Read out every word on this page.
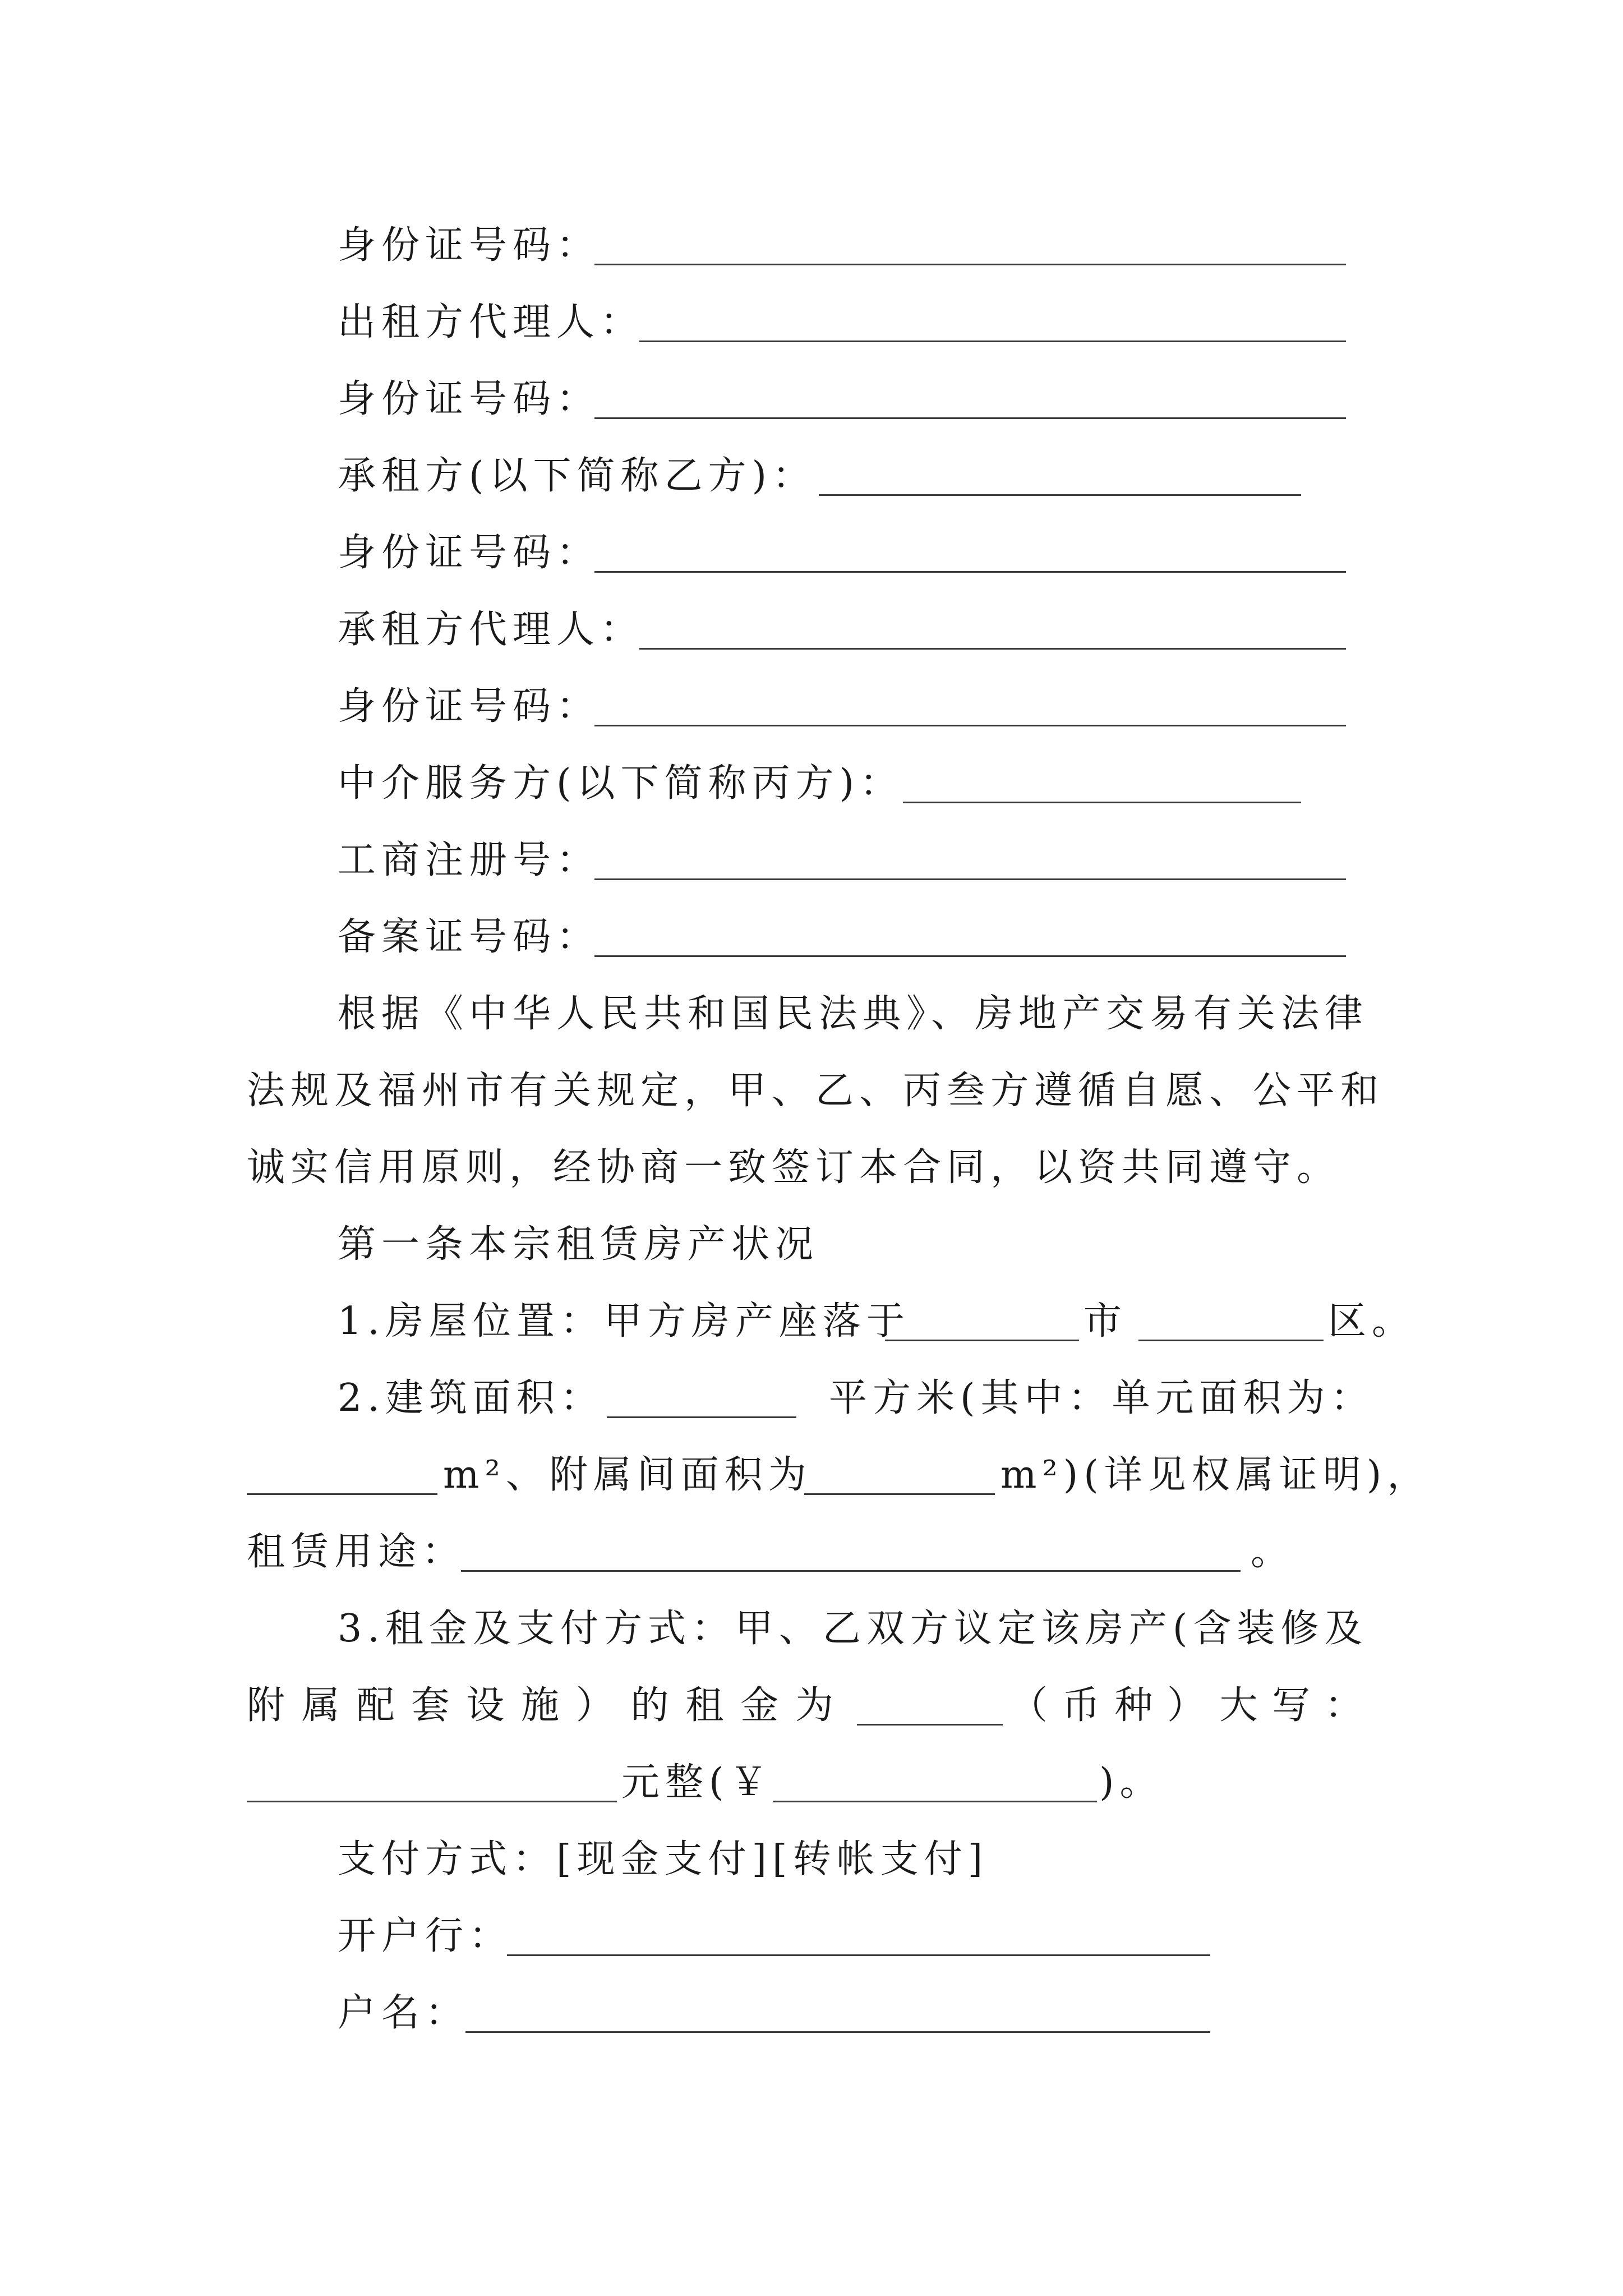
身份证号码：
出租方代理人：
身份证号码：
承租方(以下简称乙方)：
身份证号码：
承租方代理人：
身份证号码：
中介服务方(以下简称丙方)：
工商注册号：
备案证号码：
根据《中华人民共和国民法典》、房地产交易有关法律
法规及福州市有关规定，甲、乙、丙叁方遵循自愿、公平和
诚实信用原则，经协商一致签订本合同，以资共同遵守。
第一条本宗租赁房产状况
1.房屋位置：甲方房产座落于	市	区。
2.建筑面积：	平方米(其中：单元面积为：
m²、附属间面积为	m²)(详见权属证明)，
租赁用途：	。
3.租金及支付方式：甲、乙双方议定该房产(含装修及
附 属 配 套 设 施 ） 的 租 金 为	（ 币 种 ） 大 写 ：
元整(￥	)。
支付方式：[现金支付][转帐支付]
开户行：
户名：
